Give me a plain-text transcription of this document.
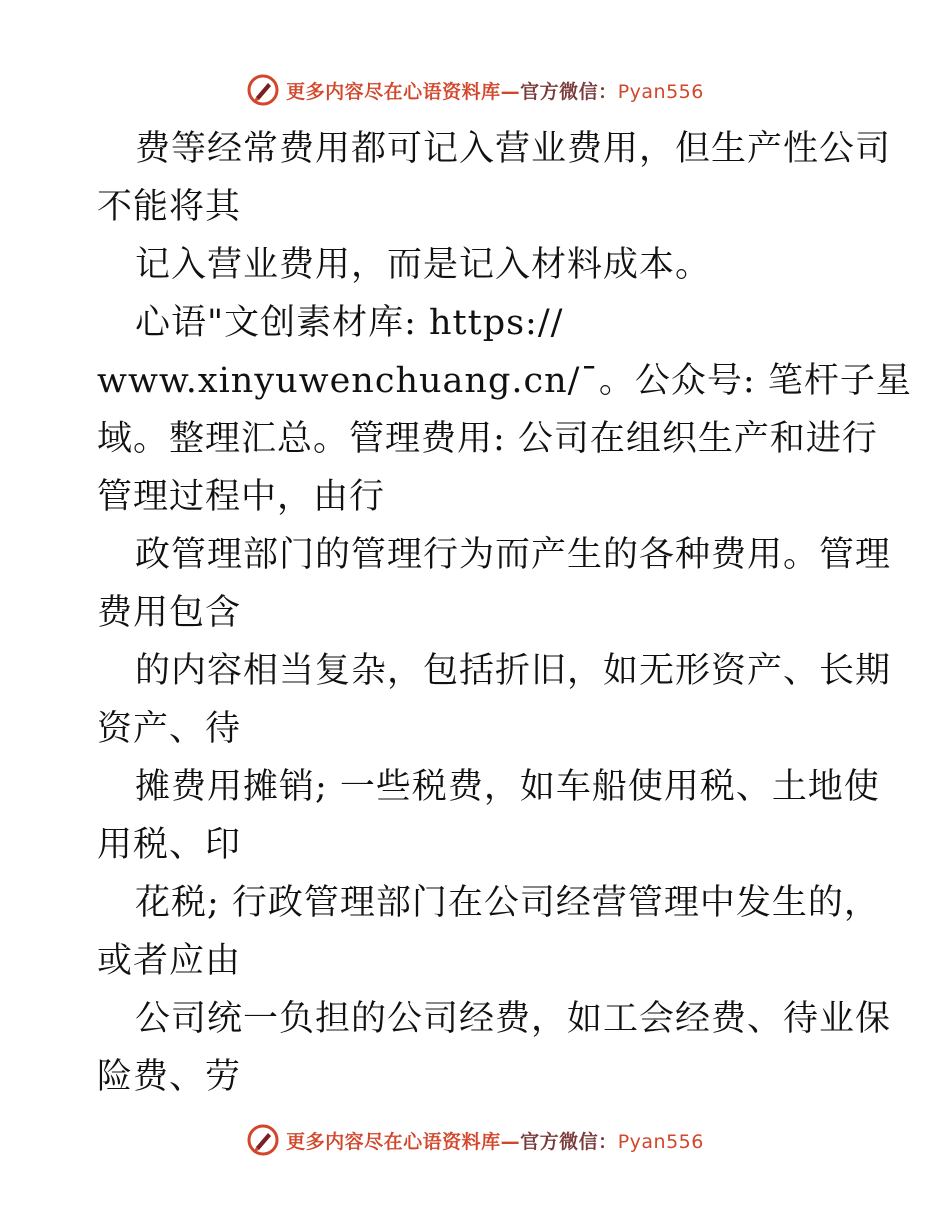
更多内容尽在心语资料库—官方微信：Pyan556
费等经常费用都可记入营业费用，但生产性公司
不能将其
记入营业费用，而是记入材料成本。
心语"文创素材库: https://
www.xinyuwenchuang.cn/¯。公众号: 笔杆子星
域。整理汇总。管理费用: 公司在组织生产和进行
管理过程中，由行
政管理部门的管理行为而产生的各种费用。管理
费用包含
的内容相当复杂，包括折旧，如无形资产、长期
资产、待
摊费用摊销; 一些税费，如车船使用税、土地使
用税、印
花税; 行政管理部门在公司经营管理中发生的，
或者应由
公司统一负担的公司经费，如工会经费、待业保
险费、劳
更多内容尽在心语资料库—官方微信：Pyan556
